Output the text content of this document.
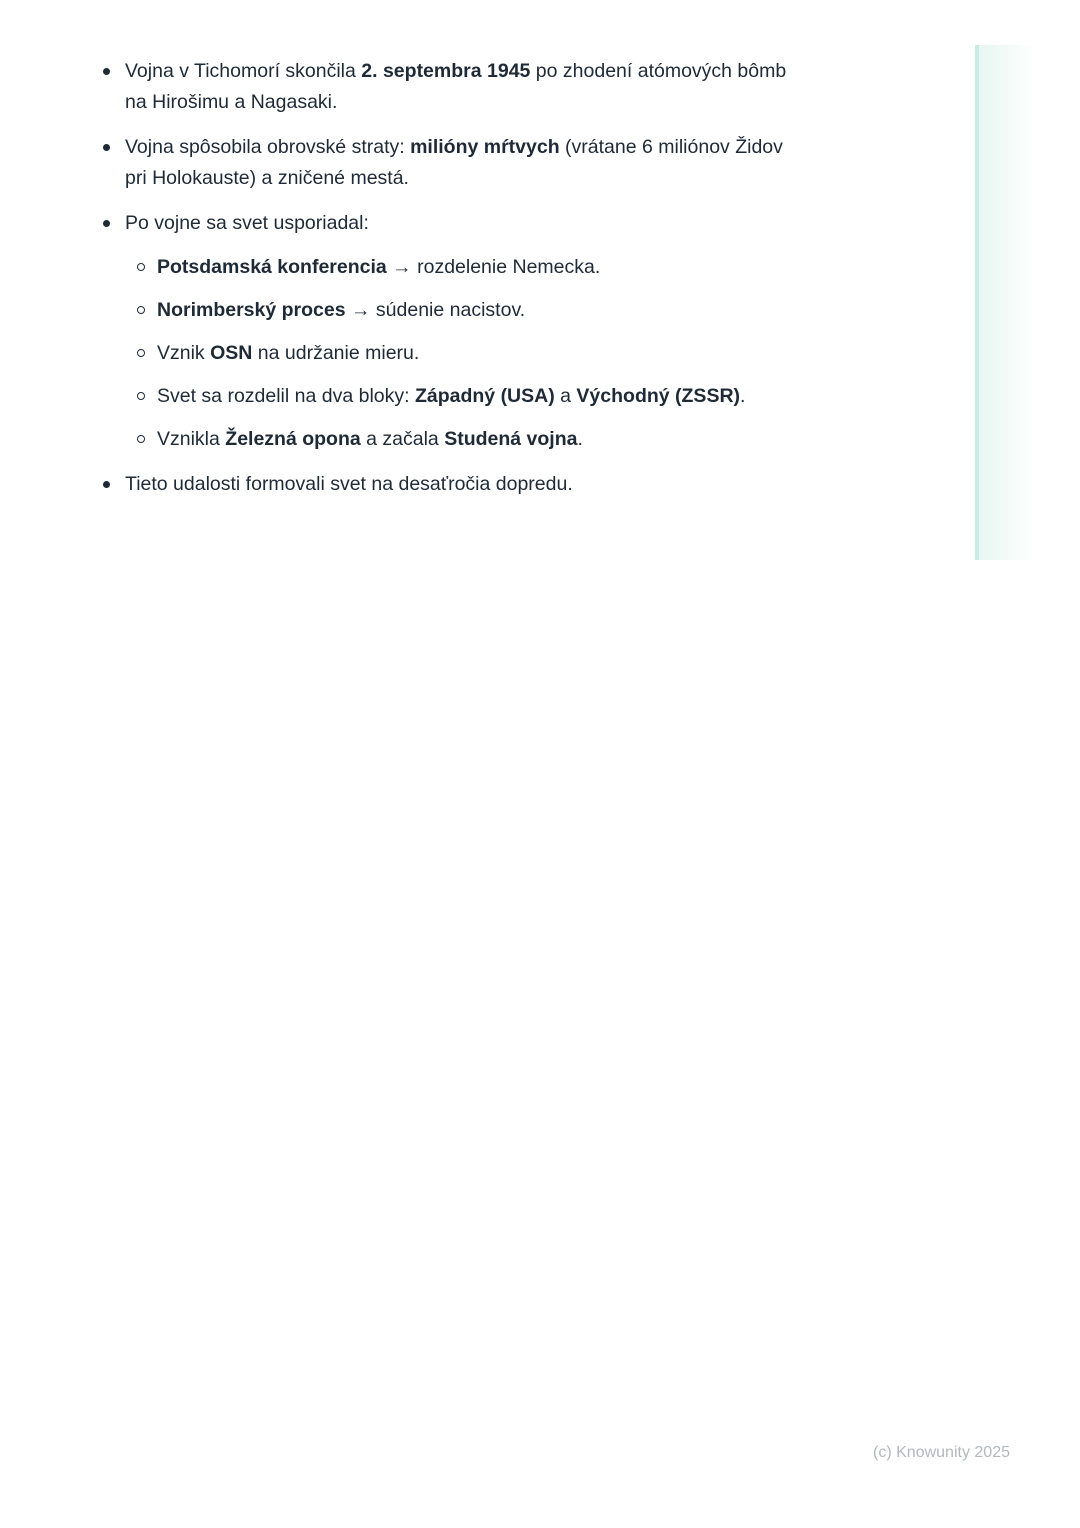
Vojna v Tichomorí skončila 2. septembra 1945 po zhodení atómových bômb na Hirošimu a Nagasaki.
Vojna spôsobila obrovské straty: milióny mŕtvych (vrátane 6 miliónov Židov pri Holokauste) a zničené mestá.
Po vojne sa svet usporiadal:
Potsdamská konferencia → rozdelenie Nemecka.
Norimberský proces → súdenie nacistov.
Vznik OSN na udržanie mieru.
Svet sa rozdelil na dva bloky: Západný (USA) a Východný (ZSSR).
Vznikla Železná opona a začala Studená vojna.
Tieto udalosti formovali svet na desaťročia dopredu.
(c) Knowunity 2025
